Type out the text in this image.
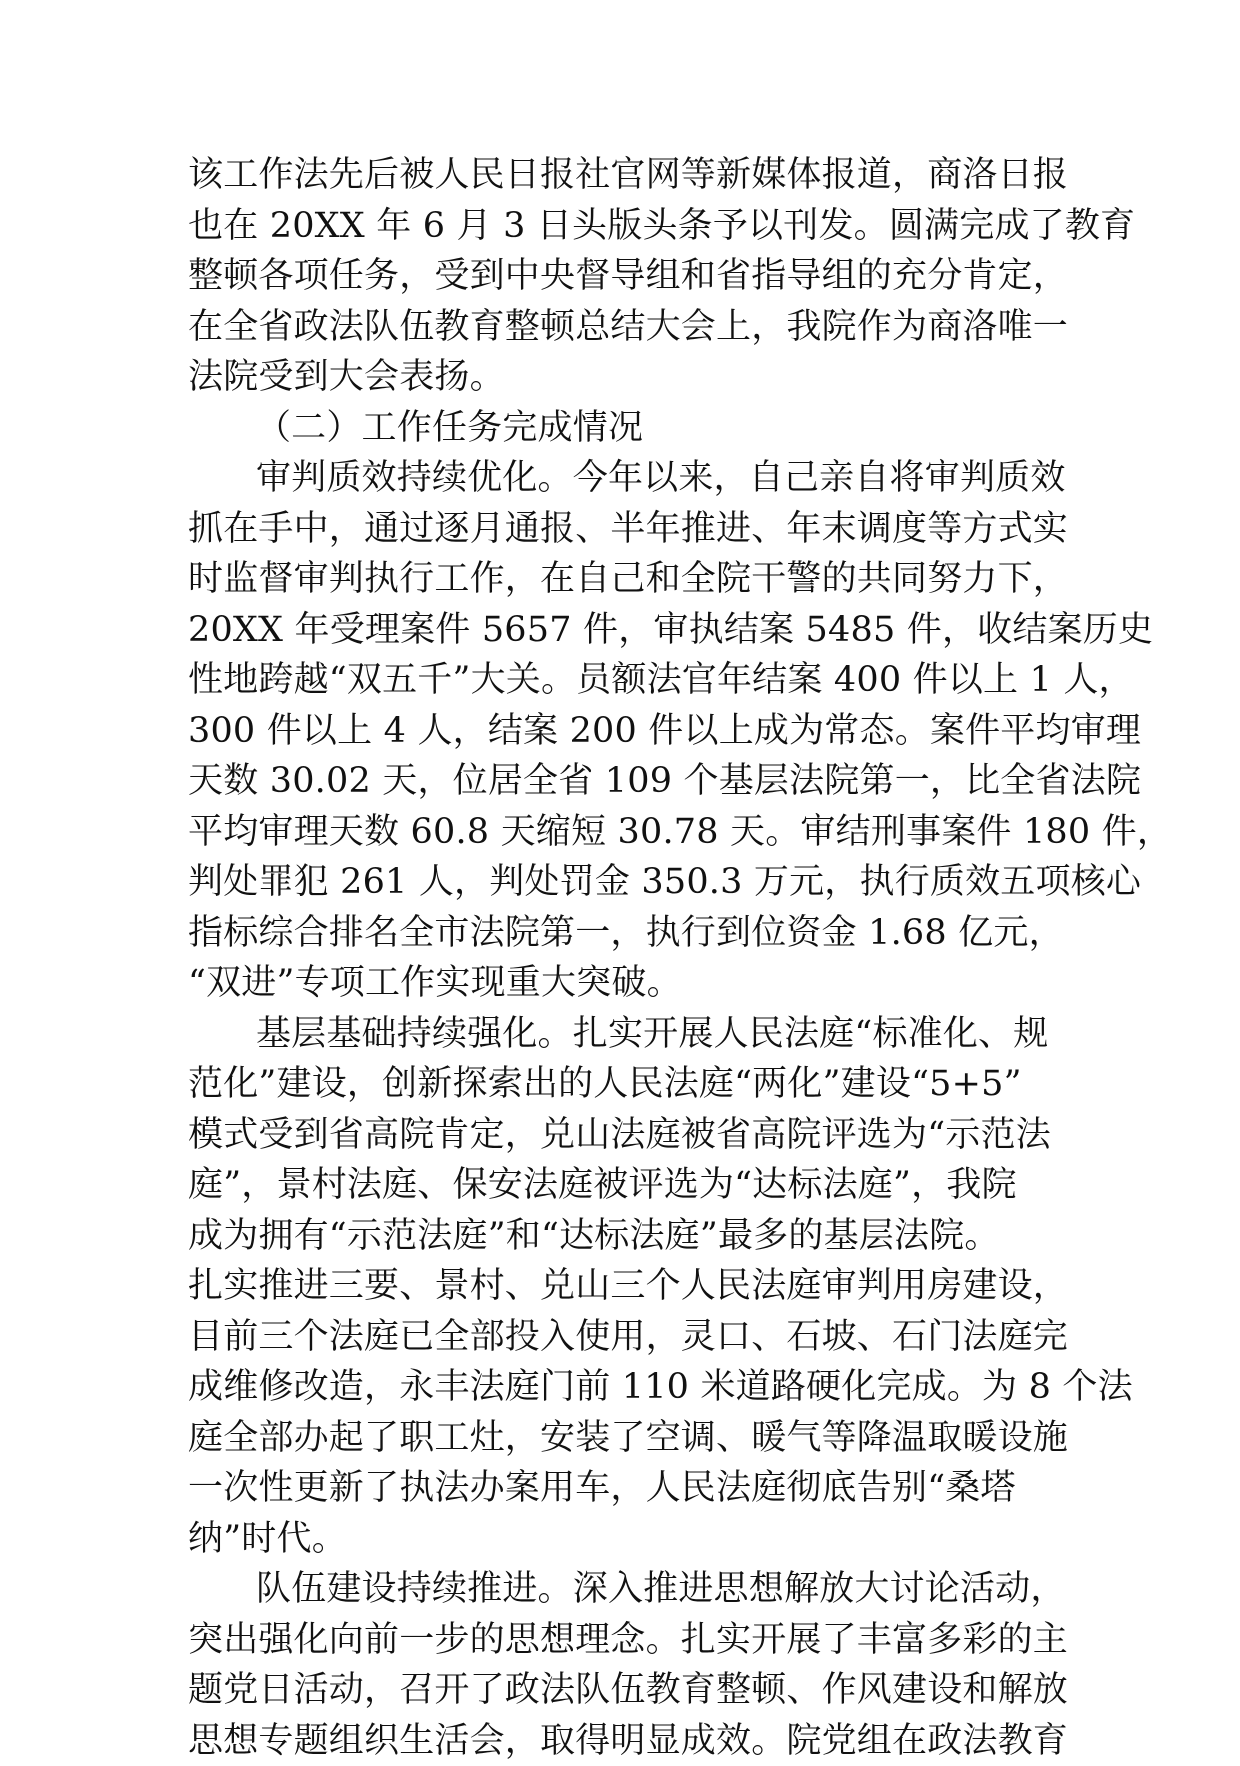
该工作法先后被人民日报社官网等新媒体报道，商洛日报
也在 20XX 年 6 月 3 日头版头条予以刊发。圆满完成了教育
整顿各项任务，受到中央督导组和省指导组的充分肯定，
在全省政法队伍教育整顿总结大会上，我院作为商洛唯一
法院受到大会表扬。
（二）工作任务完成情况
审判质效持续优化。今年以来，自己亲自将审判质效
抓在手中，通过逐月通报、半年推进、年末调度等方式实
时监督审判执行工作，在自己和全院干警的共同努力下，
20XX 年受理案件 5657 件，审执结案 5485 件，收结案历史
性地跨越“双五千”大关。员额法官年结案 400 件以上 1 人，
300 件以上 4 人，结案 200 件以上成为常态。案件平均审理
天数 30.02 天，位居全省 109 个基层法院第一，比全省法院
平均审理天数 60.8 天缩短 30.78 天。审结刑事案件 180 件，
判处罪犯 261 人，判处罚金 350.3 万元，执行质效五项核心
指标综合排名全市法院第一，执行到位资金 1.68 亿元，
“双进”专项工作实现重大突破。
基层基础持续强化。扎实开展人民法庭“标准化、规
范化”建设，创新探索出的人民法庭“两化”建设“5+5”
模式受到省高院肯定，兑山法庭被省高院评选为“示范法
庭”，景村法庭、保安法庭被评选为“达标法庭”，我院
成为拥有“示范法庭”和“达标法庭”最多的基层法院。
扎实推进三要、景村、兑山三个人民法庭审判用房建设，
目前三个法庭已全部投入使用，灵口、石坡、石门法庭完
成维修改造，永丰法庭门前 110 米道路硬化完成。为 8 个法
庭全部办起了职工灶，安装了空调、暖气等降温取暖设施
一次性更新了执法办案用车，人民法庭彻底告别“桑塔
纳”时代。
队伍建设持续推进。深入推进思想解放大讨论活动，
突出强化向前一步的思想理念。扎实开展了丰富多彩的主
题党日活动，召开了政法队伍教育整顿、作风建设和解放
思想专题组织生活会，取得明显成效。院党组在政法教育
